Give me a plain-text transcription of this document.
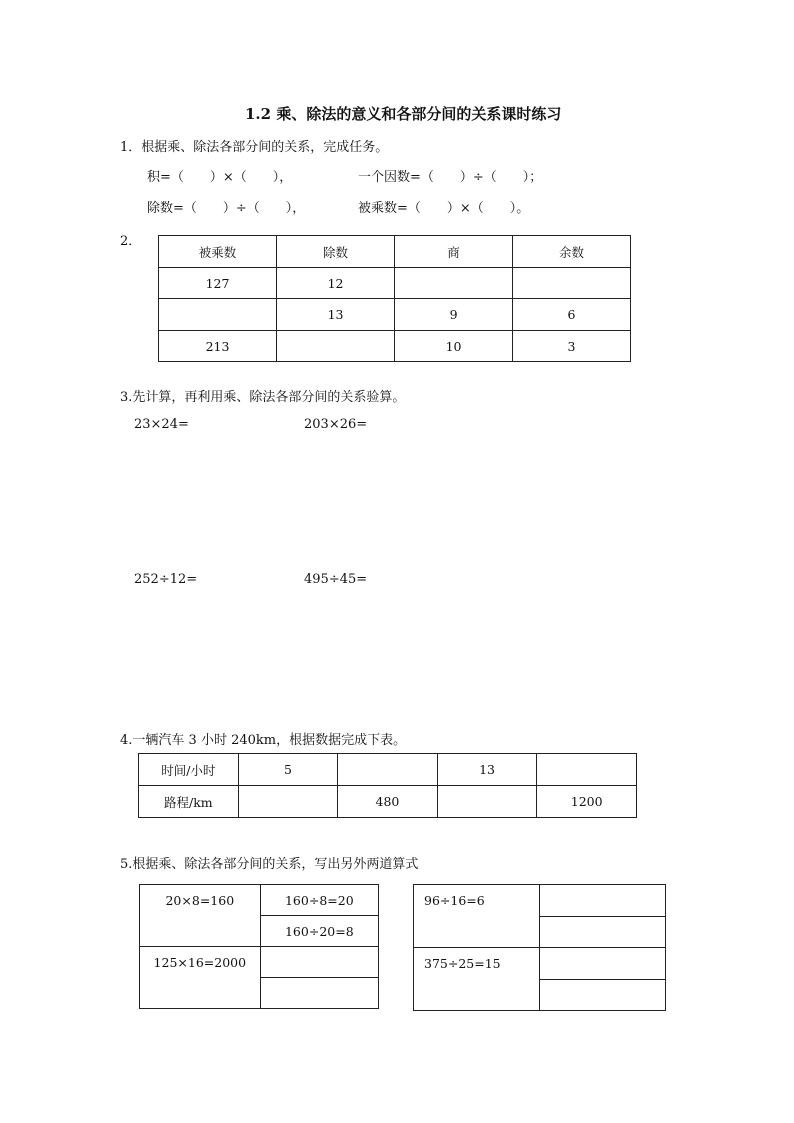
1.2 乘、除法的意义和各部分间的关系课时练习
1．根据乘、除法各部分间的关系，完成任务。
积=（　　）×（　　），	一个因数=（　　）÷（　　）；
除数=（　　）÷（　　），	被乘数=（　　）×（　　）。
2．
被乘数	除数	商	余数
127	12		
	13	9	6
213		10	3
3.先计算，再利用乘、除法各部分间的关系验算。
23×24=	203×26=
252÷12=	495÷45=
4.一辆汽车 3 小时 240km，根据数据完成下表。
时间/小时	5		13	
路程/km		480		1200
5.根据乘、除法各部分间的关系，写出另外两道算式
20×8=160	160÷8=20
	160÷20=8
125×16=2000	

96÷16=6	

375÷25=15	
